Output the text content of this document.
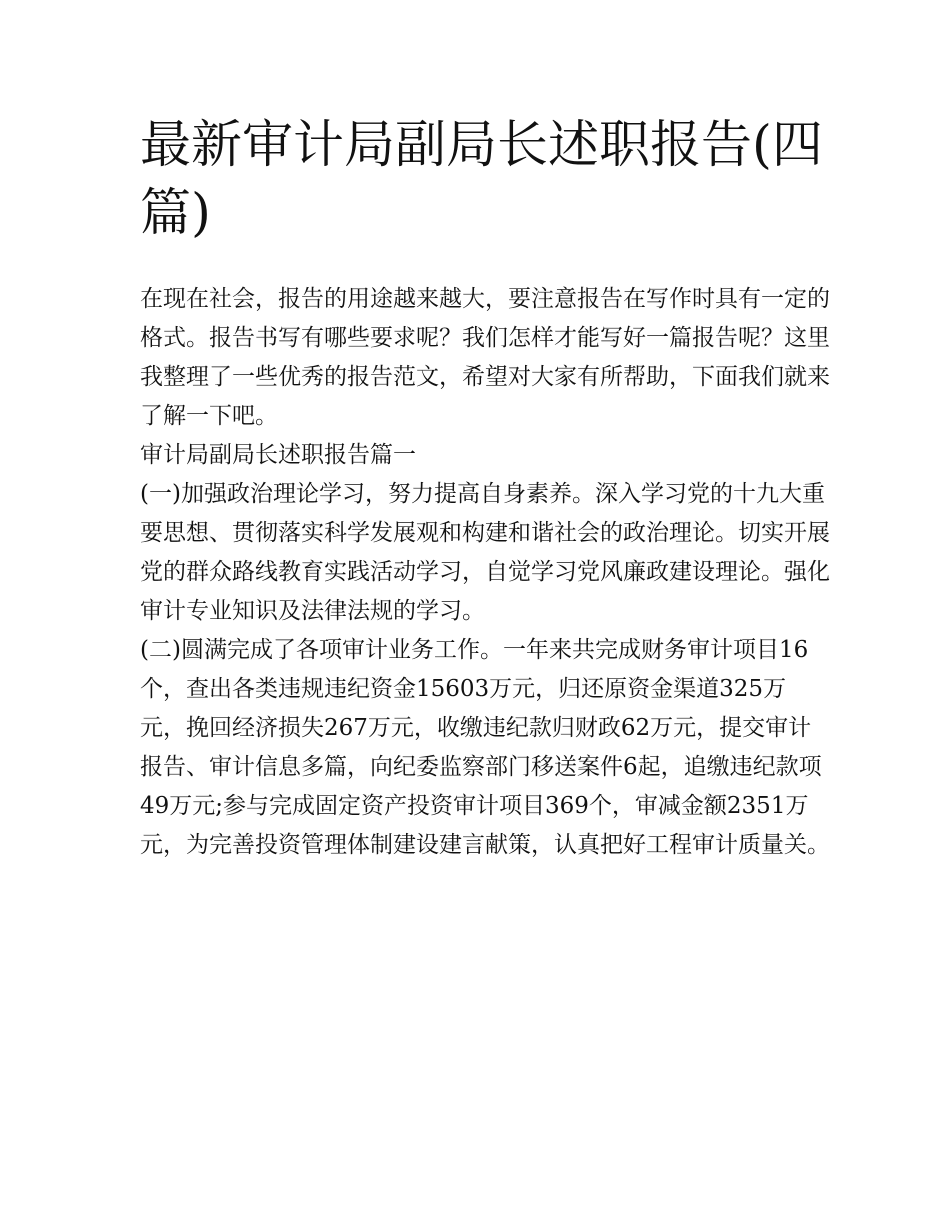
最新审计局副局长述职报告(四篇)

在现在社会，报告的用途越来越大，要注意报告在写作时具有一定的格式。报告书写有哪些要求呢？我们怎样才能写好一篇报告呢？这里我整理了一些优秀的报告范文，希望对大家有所帮助，下面我们就来了解一下吧。

审计局副局长述职报告篇一

(一)加强政治理论学习，努力提高自身素养。深入学习党的十九大重要思想、贯彻落实科学发展观和构建和谐社会的政治理论。切实开展党的群众路线教育实践活动学习，自觉学习党风廉政建设理论。强化审计专业知识及法律法规的学习。

(二)圆满完成了各项审计业务工作。一年来共完成财务审计项目16个，查出各类违规违纪资金15603万元，归还原资金渠道325万元，挽回经济损失267万元，收缴违纪款归财政62万元，提交审计报告、审计信息多篇，向纪委监察部门移送案件6起，追缴违纪款项49万元;参与完成固定资产投资审计项目369个，审减金额2351万元，为完善投资管理体制建设建言献策，认真把好工程审计质量关。
